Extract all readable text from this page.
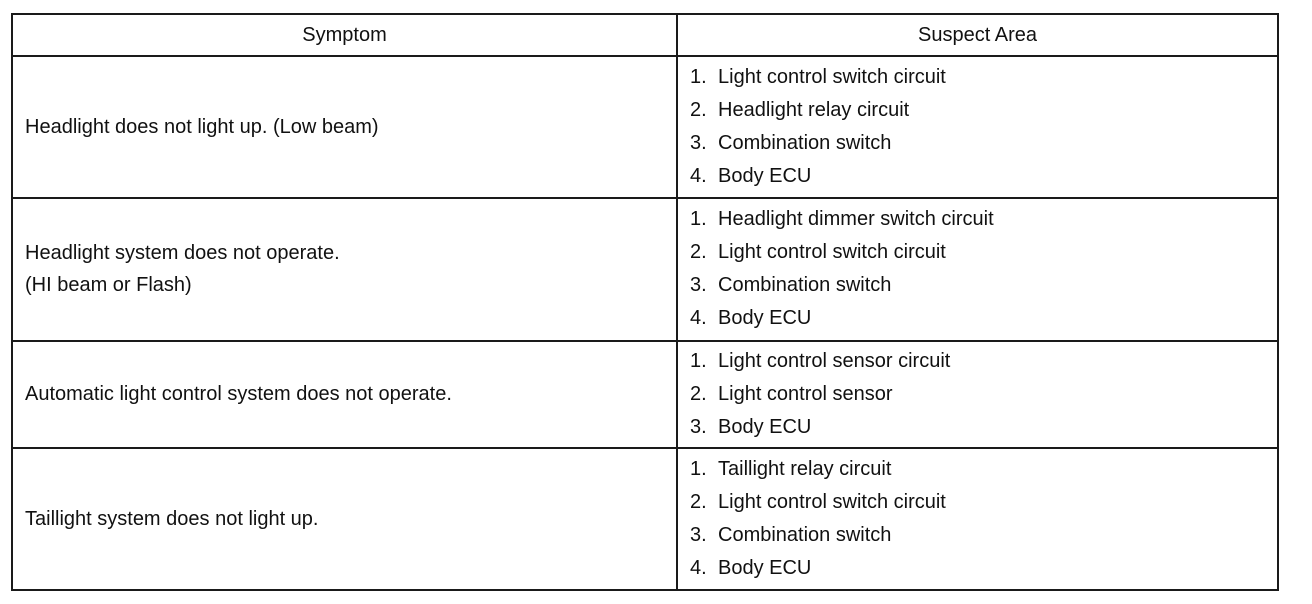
Symptom	Suspect Area

Headlight does not light up. (Low beam)	1. Light control switch circuit
2. Headlight relay circuit
3. Combination switch
4. Body ECU

Headlight system does not operate.
(HI beam or Flash)	1. Headlight dimmer switch circuit
2. Light control switch circuit
3. Combination switch
4. Body ECU

Automatic light control system does not operate.	1. Light control sensor circuit
2. Light control sensor
3. Body ECU

Taillight system does not light up.	1. Taillight relay circuit
2. Light control switch circuit
3. Combination switch
4. Body ECU
